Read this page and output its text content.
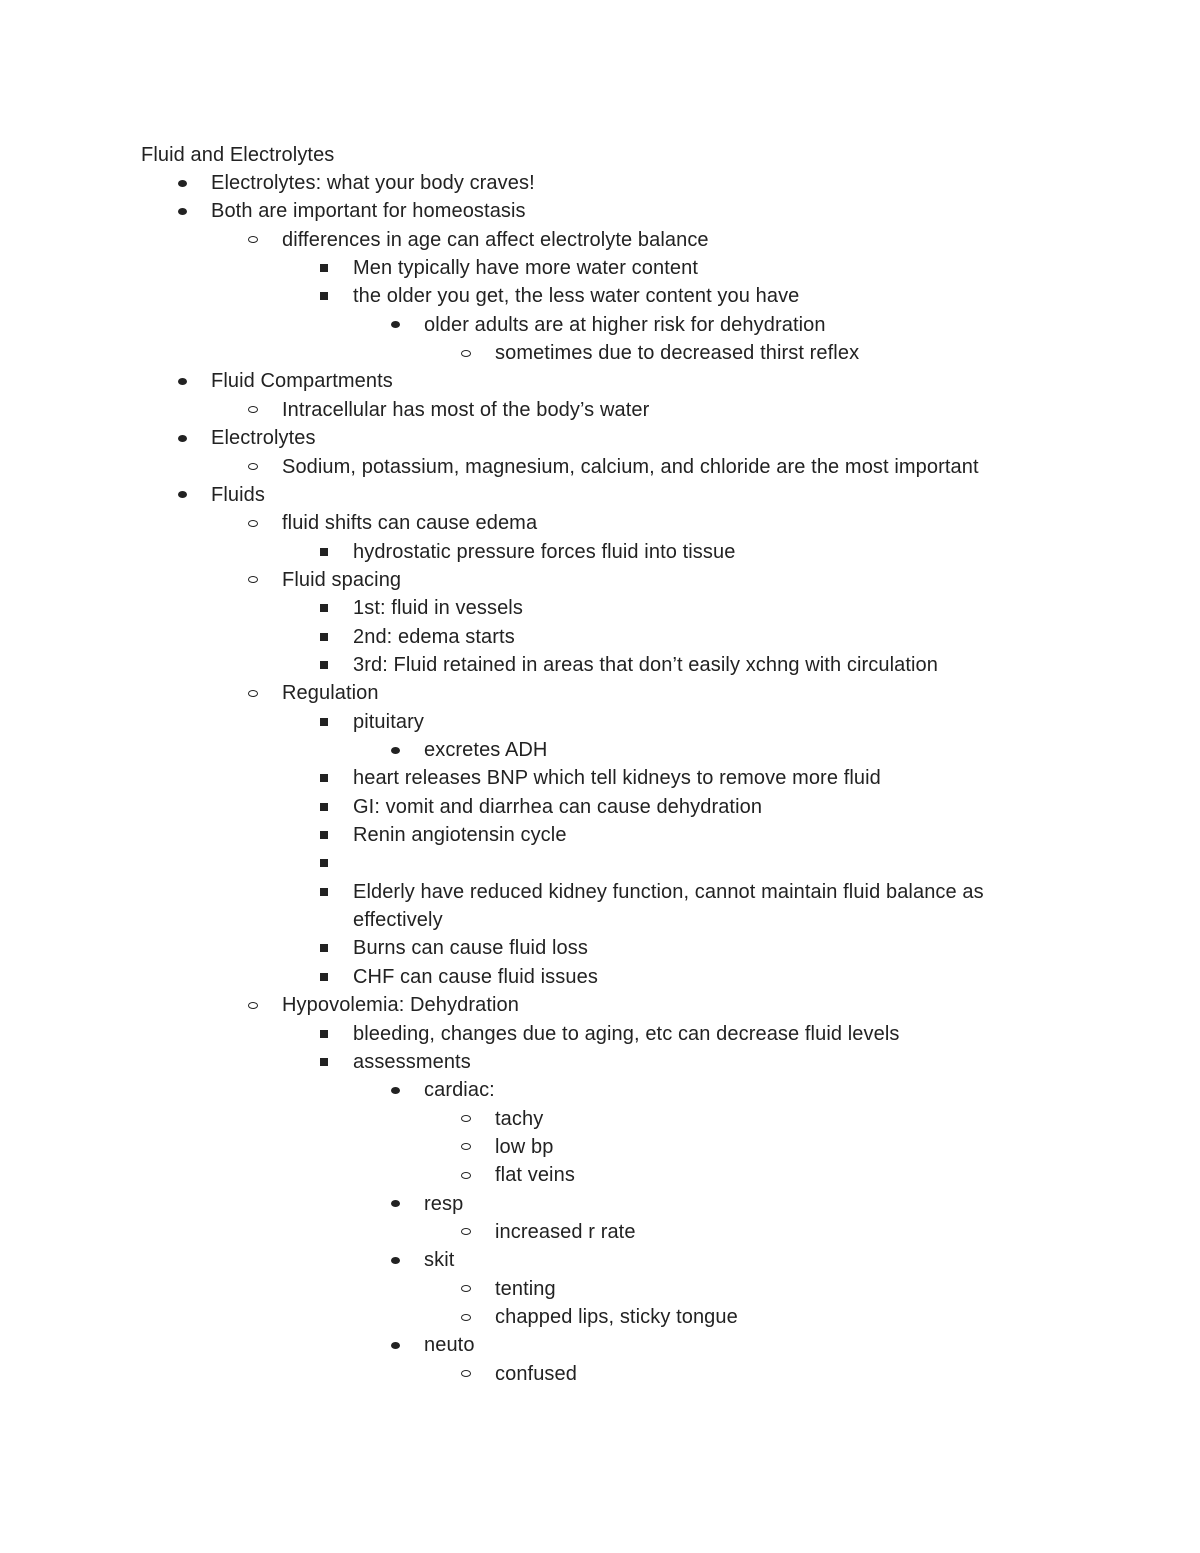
Fluid and Electrolytes
Electrolytes: what your body craves!
Both are important for homeostasis
differences in age can affect electrolyte balance
Men typically have more water content
the older you get, the less water content you have
older adults are at higher risk for dehydration
sometimes due to decreased thirst reflex
Fluid Compartments
Intracellular has most of the body’s water
Electrolytes
Sodium, potassium, magnesium, calcium, and chloride are the most important
Fluids
fluid shifts can cause edema
hydrostatic pressure forces fluid into tissue
Fluid spacing
1st: fluid in vessels
2nd: edema starts
3rd: Fluid retained in areas that don’t easily xchng with circulation
Regulation
pituitary
excretes ADH
heart releases BNP which tell kidneys to remove more fluid
GI: vomit and diarrhea can cause dehydration
Renin angiotensin cycle
Elderly have reduced kidney function, cannot maintain fluid balance as
effectively
Burns can cause fluid loss
CHF can cause fluid issues
Hypovolemia: Dehydration
bleeding, changes due to aging, etc can decrease fluid levels
assessments
cardiac:
tachy
low bp
flat veins
resp
increased r rate
skit
tenting
chapped lips, sticky tongue
neuto
confused
